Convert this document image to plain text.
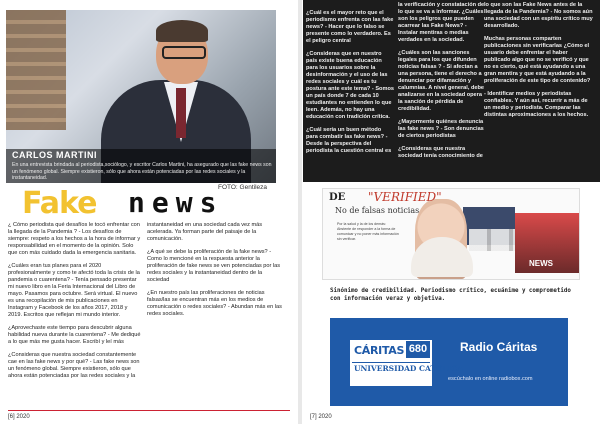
CARLOS MARTINI
En una entrevista brindada al periodista,sociólogo, y escritor Carlos Martini, ha asegurado que las fake news son un fenómeno global. Siempre existieron, sólo que ahora están potenciadas por las redes sociales y la instantaneidad.
FOTO: Gentileza
Fake news

¿ Cómo periodista qué desafíos le tocó enfrentar con la llegada de la Pandemia ? - Los desafíos de siempre: respeto a los hechos a la hora de informar y responsabilidad en el momento de la opinión. Solo que con más cuidado dada la emergencia sanitaria.

¿Cuáles eran tus planes para el 2020 profesionalmente y como te afectó toda la crisis de la pandemia o cuarentena? - Tenía pensado presentar mi nuevo libro en la Feria Internacional del Libro de mayo. Pasamos para octubre. Será virtual. El nuevo es una recopilación de mis publicaciones en Instagram y Facebook de los años 2017, 2018 y 2019. Escritos que reflejan mi mundo interior.

¿Aprovechaste este tiempo para descubrir alguna habilidad nueva durante la cuarentena? - Me dediqué a lo que más me gusta hacer. Escribí y leí más

¿Consideras que nuestra sociedad constantemente cae en las fake news y por qué? - Las fake news son un fenómeno global. Siempre existieron, sólo que ahora están potenciadas por las redes sociales y la

instantaneidad en una sociedad cada vez más acelerada. Ya forman parte del paisaje de la comunicación.

¿A qué se debe la proliferación de la fake news? - Como lo mencioné en la respuesta anterior la proliferación de fake news se ven potenciadas por las redes sociales y la instantaneidad dentro de la sociedad

¿En nuestro país las proliferaciones de noticias falsas/las se encuentran más en los medios de comunicación o redes sociales? - Abundan más en las redes sociales.

[6] 2020

¿Cuál es el mayor reto que el periodismo enfrenta con las fake news? - Hacer que lo falso se presente como lo verdadero. Es el peligro central

¿Consideras que en nuestro país existe buena educación para los usuarios sobre la desinformación y el uso de las redes sociales y cuál es tu postura ante este tema? - Somos un país donde 7 de cada 10 estudiantes no entienden lo que leen. Además, no hay una educación con tradición crítica.

¿Cuál sería un buen método para combatir las fake news? - Desde la perspectiva del periodista la cuestión central es

la verificación y constatación de lo que se va a informar. ¿Cuáles son los peligros que pueden acarrear las Fake News? - Instalar mentiras o medias verdades en la sociedad.

¿Cuáles son las sanciones legales para los que difunden noticias falsas ? - Si afectan a una persona, tiene el derecho a denunciar por difamación y calumnias. A nivel general, debe analizarse en la sociedad opera la sanción de pérdida de credibilidad.

¿Mayormente quiénes denuncia las fake news ? - Son denuncias de ciertos periodistas

¿Consideras que nuestra sociedad tenía conocimiento de

lo que son las Fake News antes de la llegada de la Pandemia? - No somos aún una sociedad con un espíritu crítico muy desarrollado.

Muchas personas comparten publicaciones sin verificarlas ¿Cómo el usuario debe enfrentar el haber publicado algo que no se verificó y que no es cierto, qué está ayudando a una gran mentira y que está ayudando a la proliferación de este tipo de contenido?

- Identificar medios y periodistas confiables. Y aún así, recurrir a más de un medio y periodista. Comparar las distintas aproximaciones a los hechos.

DE "VERIFIED"
No de falsas noticias
Por la salud y la de los demás: Abstente de responder a la forma de comunicar y no poner más información sin verificar.
NEWS
Sinónimo de credibilidad. Periodismo crítico, ecuánime y comprometido con información veraz y objetiva.
CÁRITAS 680
UNIVERSIDAD CATÓLICA
Radio Cáritas
escúchalo en online radiobox.com
[7] 2020
